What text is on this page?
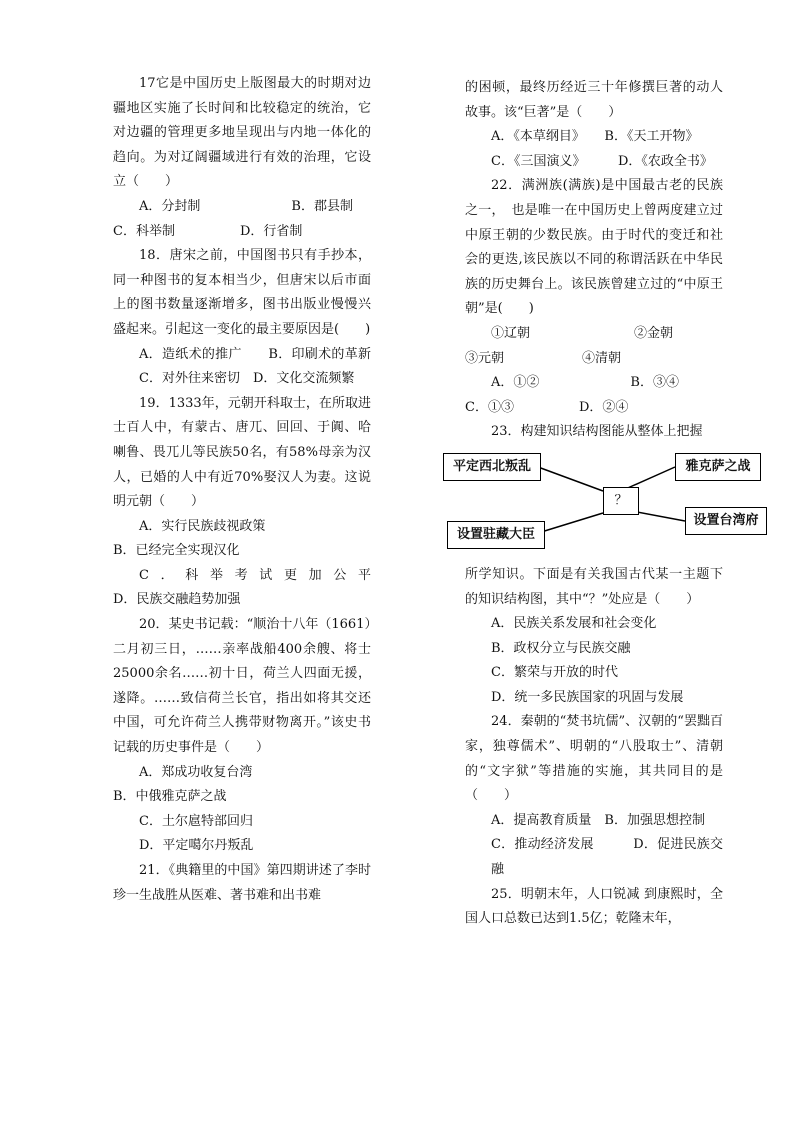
17它是中国历史上版图最大的时期对边疆地区实施了长时间和比较稳定的统治，它对边疆的管理更多地呈现出与内地一体化的趋向。为对辽阔疆域进行有效的治理，它设立（　　）

A．分封制　　　　　　　B．郡县制

C．科举制　　　　　D．行省制

18．唐宋之前，中国图书只有手抄本，同一种图书的复本相当少，但唐宋以后市面上的图书数量逐渐增多，图书出版业慢慢兴盛起来。引起这一变化的最主要原因是(　　)

A．造纸术的推广　　B．印刷术的革新　　C．对外往来密切　D．文化交流频繁

19．1333年，元朝开科取士，在所取进士百人中，有蒙古、唐兀、回回、于阗、哈喇鲁、畏兀儿等民族50名，有58%母亲为汉人，已婚的人中有近70%娶汉人为妻。这说明元朝（　　）

A．实行民族歧视政策

B．已经完全实现汉化

C．科举考试更加公平

D．民族交融趋势加强

20．某史书记载：“顺治十八年（1661）二月初三日，……亲率战船400余艘、将士25000余名……初十日，荷兰人四面无援，遂降。……致信荷兰长官，指出如将其交还中国，可允许荷兰人携带财物离开。”该史书记载的历史事件是（　　）

A．郑成功收复台湾

B．中俄雅克萨之战

C．土尔扈特部回归

D．平定噶尔丹叛乱

21．《典籍里的中国》第四期讲述了李时珍一生战胜从医难、著书难和出书难

的困顿，最终历经近三十年修撰巨著的动人故事。该“巨著”是（　　）

A．《本草纲目》　　B．《天工开物》

C．《三国演义》　　　D．《农政全书》

22．满洲族(满族)是中国最古老的民族之一，　也是唯一在中国历史上曾两度建立过中原王朝的少数民族。由于时代的变迁和社会的更迭,该民族以不同的称谓活跃在中华民族的历史舞台上。该民族曾建立过的“中原王朝”是(　　)

①辽朝　　　　　　　　②金朝

③元朝　　　　　　④清朝

A．①②　　　　　　　B．③④

C．①③　　　　　D．②④

23．构建知识结构图能从整体上把握

平定西北叛乱	雅克萨之战
？
设置驻藏大臣
设置台湾府

所学知识。下面是有关我国古代某一主题下的知识结构图，其中“？”处应是（　　）

A．民族关系发展和社会变化

B．政权分立与民族交融

C．繁荣与开放的时代

D．统一多民族国家的巩固与发展

24．秦朝的“焚书坑儒”、汉朝的“罢黜百家，独尊儒术”、明朝的“八股取士”、清朝的“文字狱”等措施的实施，其共同目的是（　　）

A．提高教育质量　B．加强思想控制

C．推动经济发展　　　D．促进民族交融

25．明朝末年，人口锐减 到康熙时，全国人口总数已达到1.5亿；乾隆末年，
